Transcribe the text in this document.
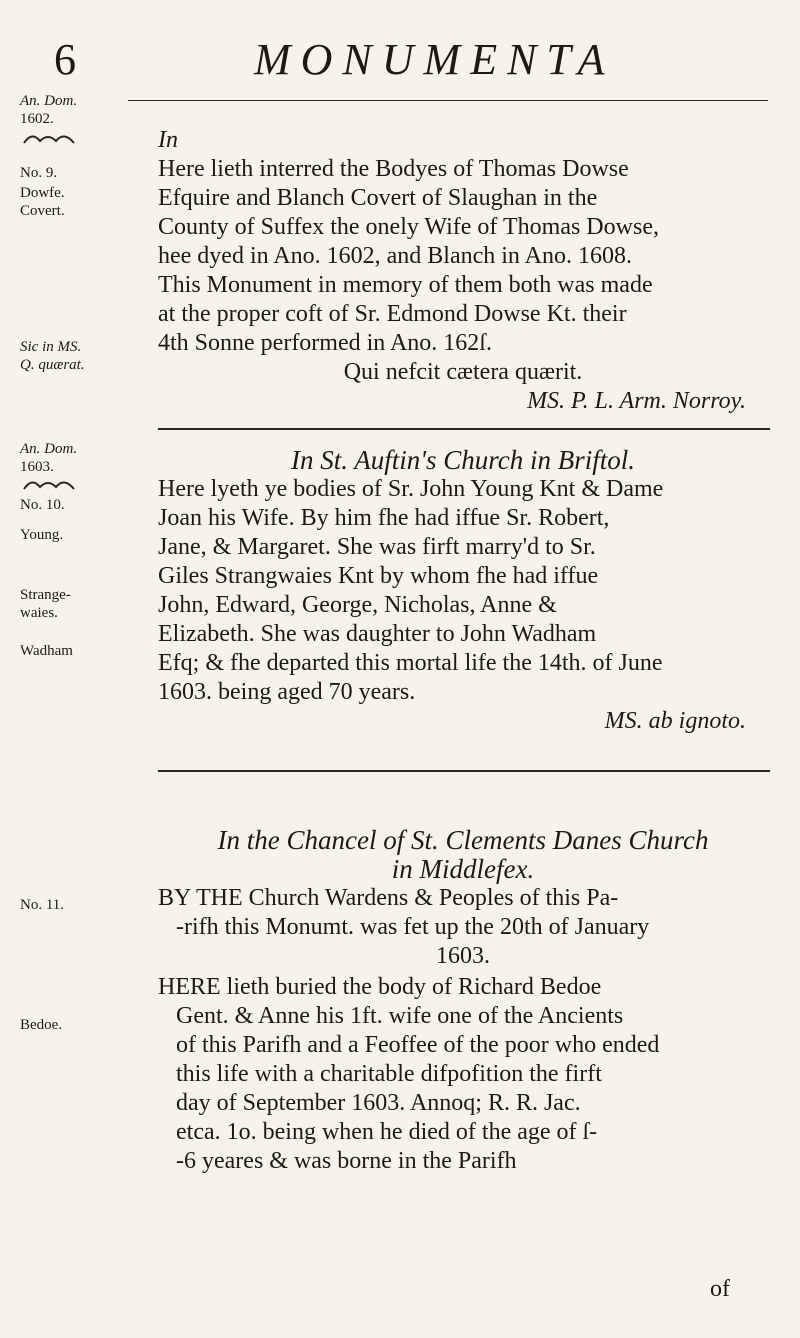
6	MONUMENTA
An. Dom.
1602.
No. 9.
Dowfe.
Covert.
Sic in MS.
Q. quærat.
In
Here lieth interred the Bodyes of Thomas Dowse
Efquire and Blanch Covert of Slaughan in the
County of Suffex the onely Wife of Thomas Dowse,
hee dyed in Ano. 1602, and Blanch in Ano. 1608.
This Monument in memory of them both was made
at the proper coft of Sr. Edmond Dowse Kt. their
4th Sonne performed in Ano. 162ſ.
Qui nefcit cætera quærit.
MS. P. L. Arm. Norroy.
An. Dom.
1603.
No. 10.
Young.
Strange-
waies.
Wadham
In St. Auftin's Church in Briftol.
Here lyeth ye bodies of Sr. John Young Knt & Dame
Joan his Wife. By him fhe had iffue Sr. Robert,
Jane, & Margaret. She was firft marry'd to Sr.
Giles Strangwaies Knt by whom fhe had iffue
John, Edward, George, Nicholas, Anne &
Elizabeth. She was daughter to John Wadham
Efq; & fhe departed this mortal life the 14th. of June
1603. being aged 70 years.
MS. ab ignoto.
No. 11.
Bedoe.
In the Chancel of St. Clements Danes Church
in Middlefex.
BY THE Church Wardens & Peoples of this Pa-
-rifh this Monumt. was fet up the 20th of January
1603.
HERE lieth buried the body of Richard Bedoe
Gent. & Anne his 1ft. wife one of the Ancients
of this Parifh and a Feoffee of the poor who ended
this life with a charitable difpofition the firft
day of September 1603. Annoq; R. R. Jac.
etca. 1o. being when he died of the age of ſ-
-6 yeares & was borne in the Parifh
of
